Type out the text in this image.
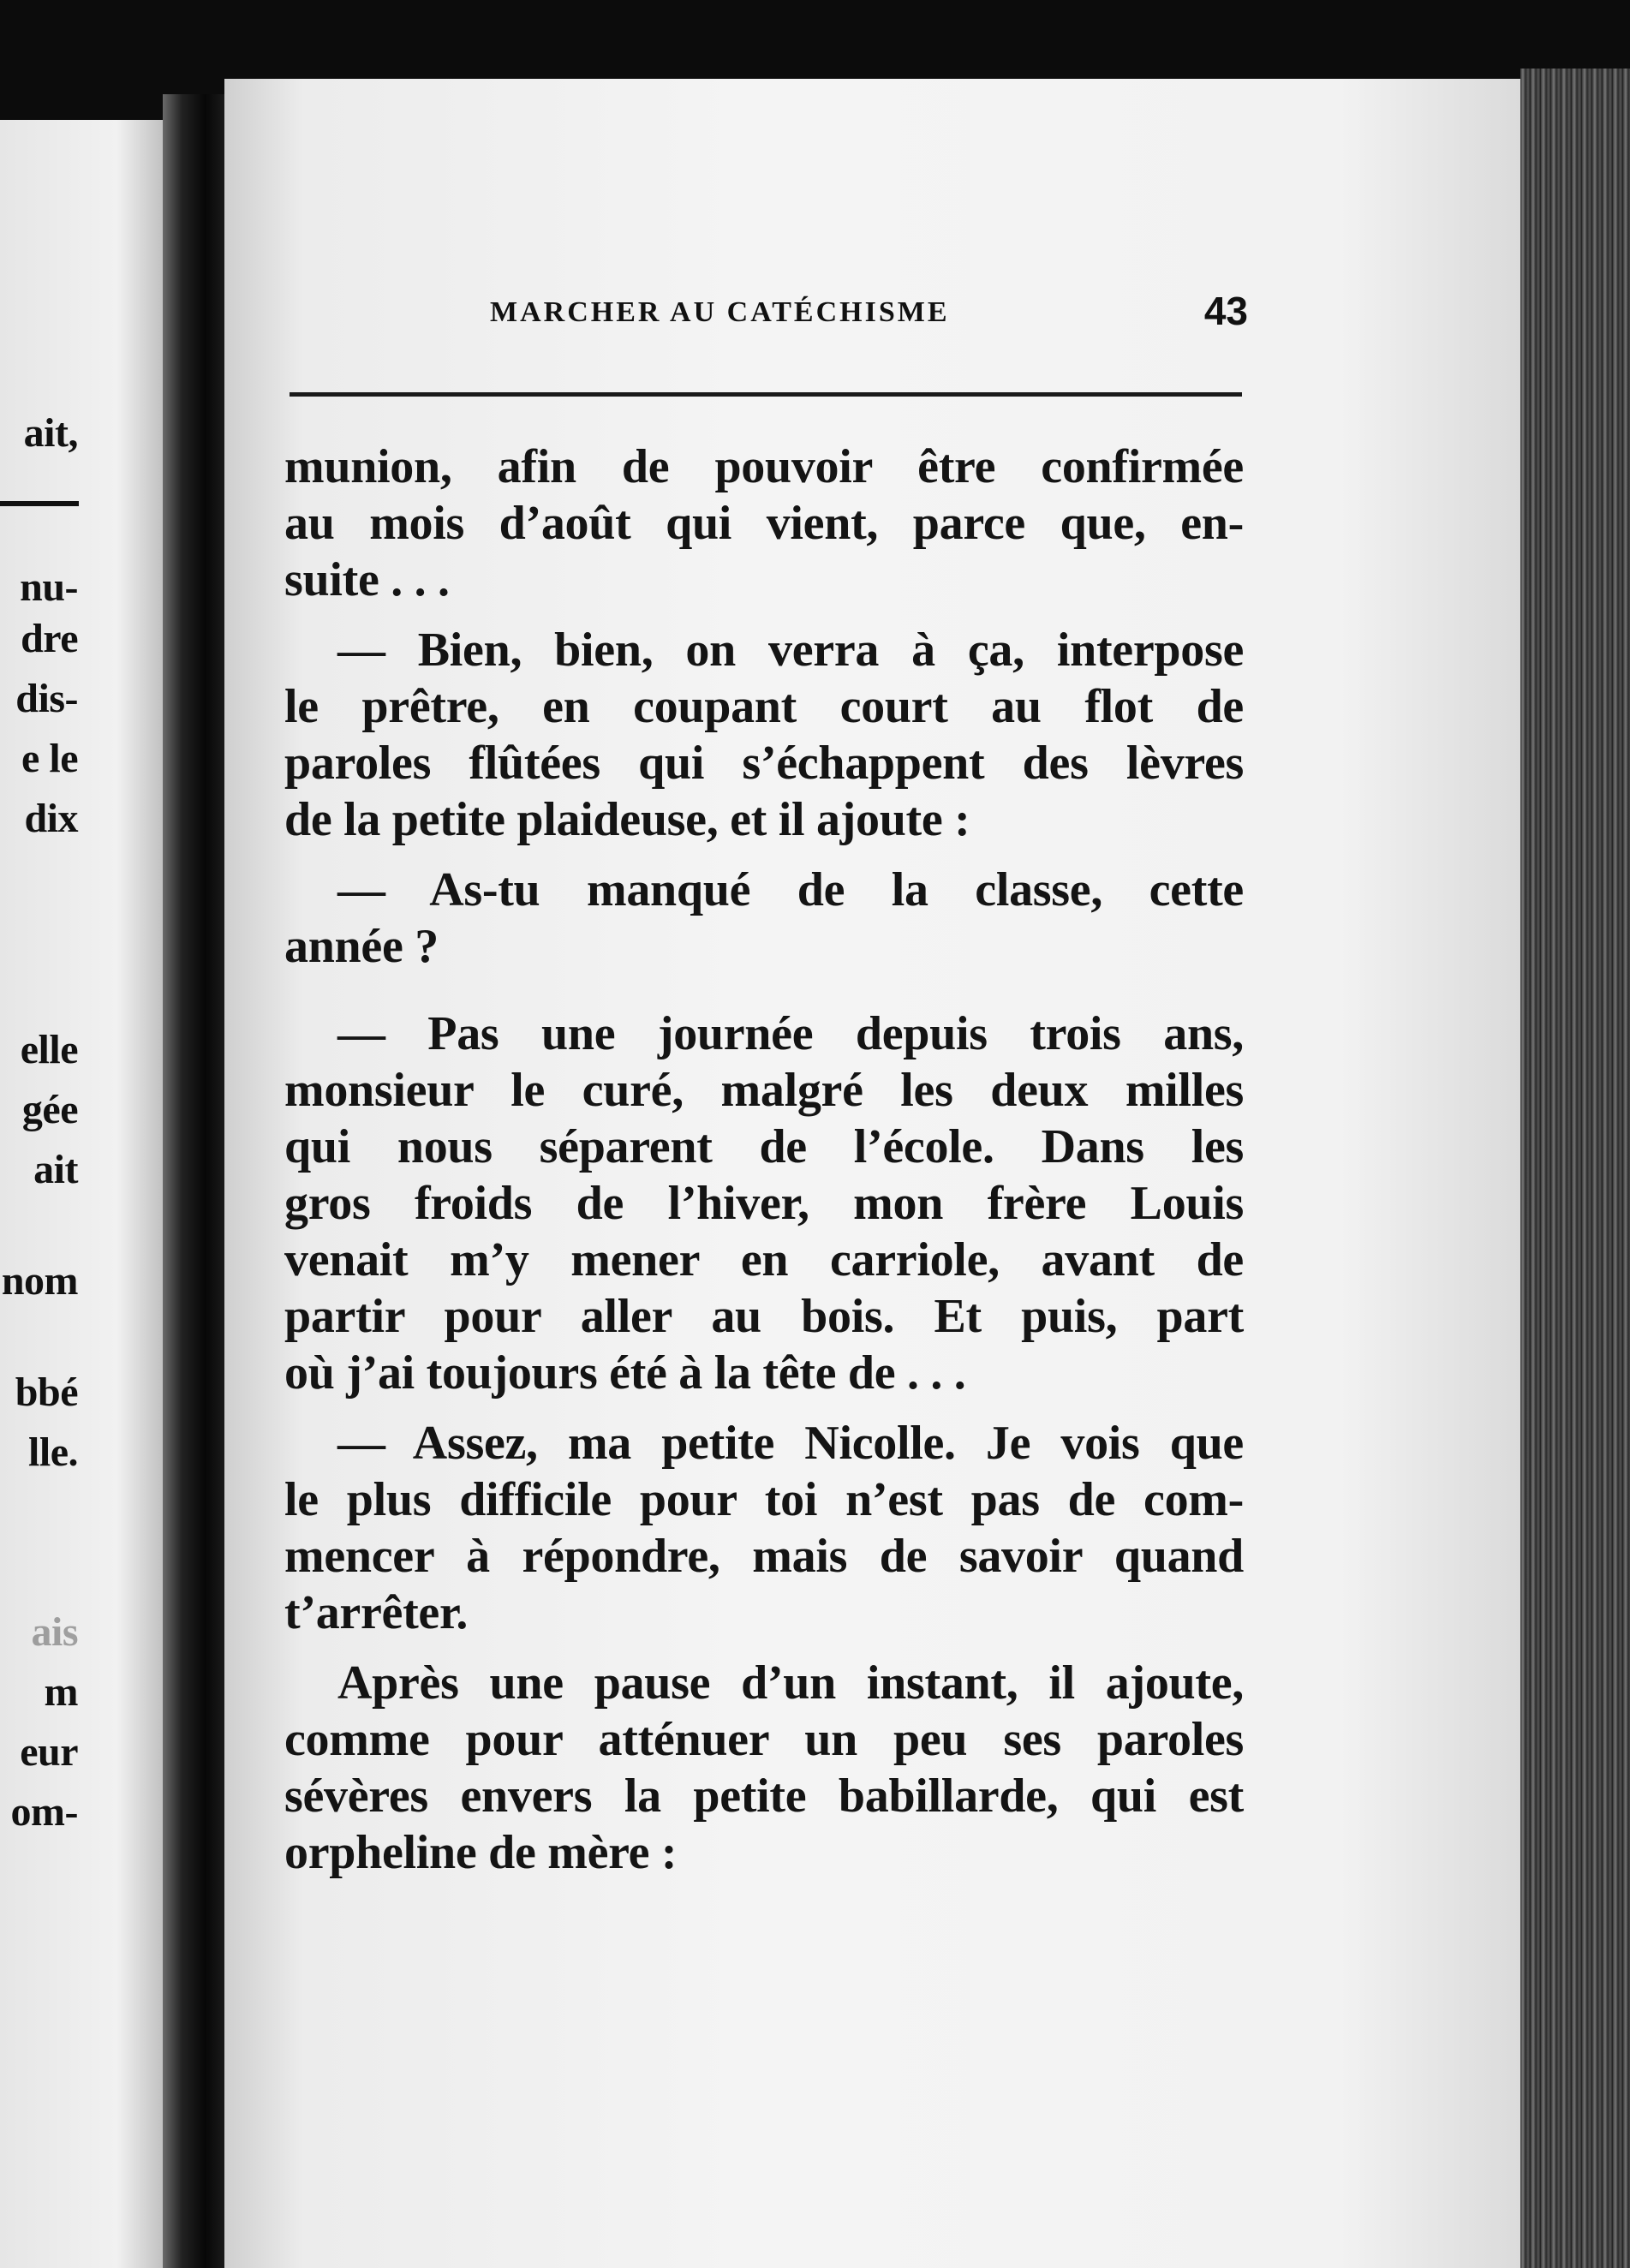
ait,
nu-
dre
dis-
e le
dix
elle
gée
ait
nom
bbé
lle.
ais
m
eur
om-
MARCHER AU CATÉCHISME	43
munion, afin de pouvoir être confirmée
au mois d’août qui vient, parce que, en-
suite . . .
— Bien, bien, on verra à ça, interpose
le prêtre, en coupant court au flot de
paroles flûtées qui s’échappent des lèvres
de la petite plaideuse, et il ajoute :
— As-tu manqué de la classe, cette
année ?
— Pas une journée depuis trois ans,
monsieur le curé, malgré les deux milles
qui nous séparent de l’école. Dans les
gros froids de l’hiver, mon frère Louis
venait m’y mener en carriole, avant de
partir pour aller au bois. Et puis, part
où j’ai toujours été à la tête de . . .
— Assez, ma petite Nicolle. Je vois que
le plus difficile pour toi n’est pas de com-
mencer à répondre, mais de savoir quand
t’arrêter.
Après une pause d’un instant, il ajoute,
comme pour atténuer un peu ses paroles
sévères envers la petite babillarde, qui est
orpheline de mère :
